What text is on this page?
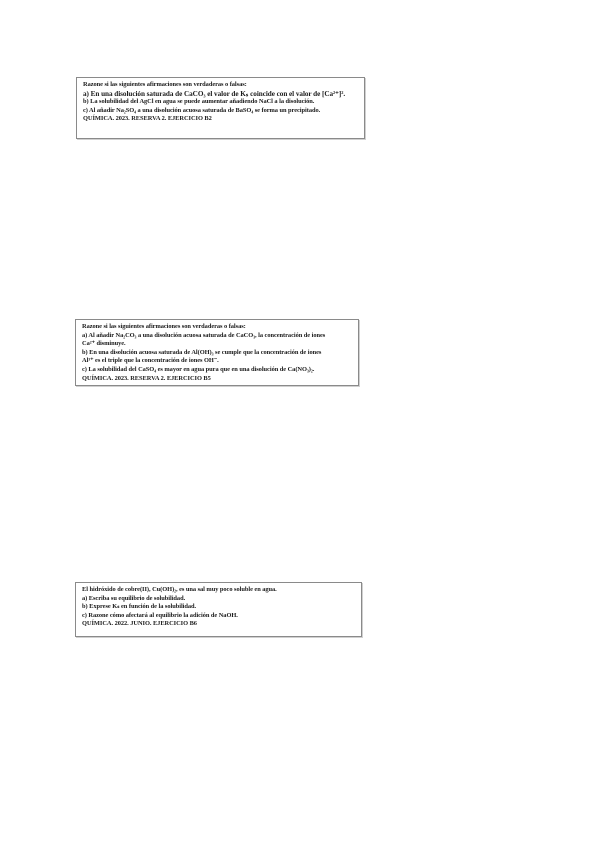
Razone si las siguientes afirmaciones son verdaderas o falsas:
a) En una disolución saturada de CaCO₃ el valor de Kₛ coincide con el valor de [Ca²⁺]².
b) La solubilidad del AgCl en agua se puede aumentar añadiendo NaCl a la disolución.
c) Al añadir Na₂SO₄ a una disolución acuosa saturada de BaSO₄ se forma un precipitado.
QUÍMICA. 2023. RESERVA 2. EJERCICIO B2
Razone si las siguientes afirmaciones son verdaderas o falsas:
a) Al añadir Na₂CO₃ a una disolución acuosa saturada de CaCO₃, la concentración de iones
Ca²⁺ disminuye.
b) En una disolución acuosa saturada de Al(OH)₃ se cumple que la concentración de iones
Al³⁺ es el triple que la concentración de iones OH⁻.
c) La solubilidad del CaSO₄ es mayor en agua pura que en una disolución de Ca(NO₃)₂.
QUÍMICA. 2023. RESERVA 2. EJERCICIO B5
El hidróxido de cobre(II), Cu(OH)₂, es una sal muy poco soluble en agua.
a) Escriba su equilibrio de solubilidad.
b) Exprese Kₛ en función de la solubilidad.
c) Razone cómo afectará al equilibrio la adición de NaOH.
QUÍMICA. 2022. JUNIO. EJERCICIO B6
